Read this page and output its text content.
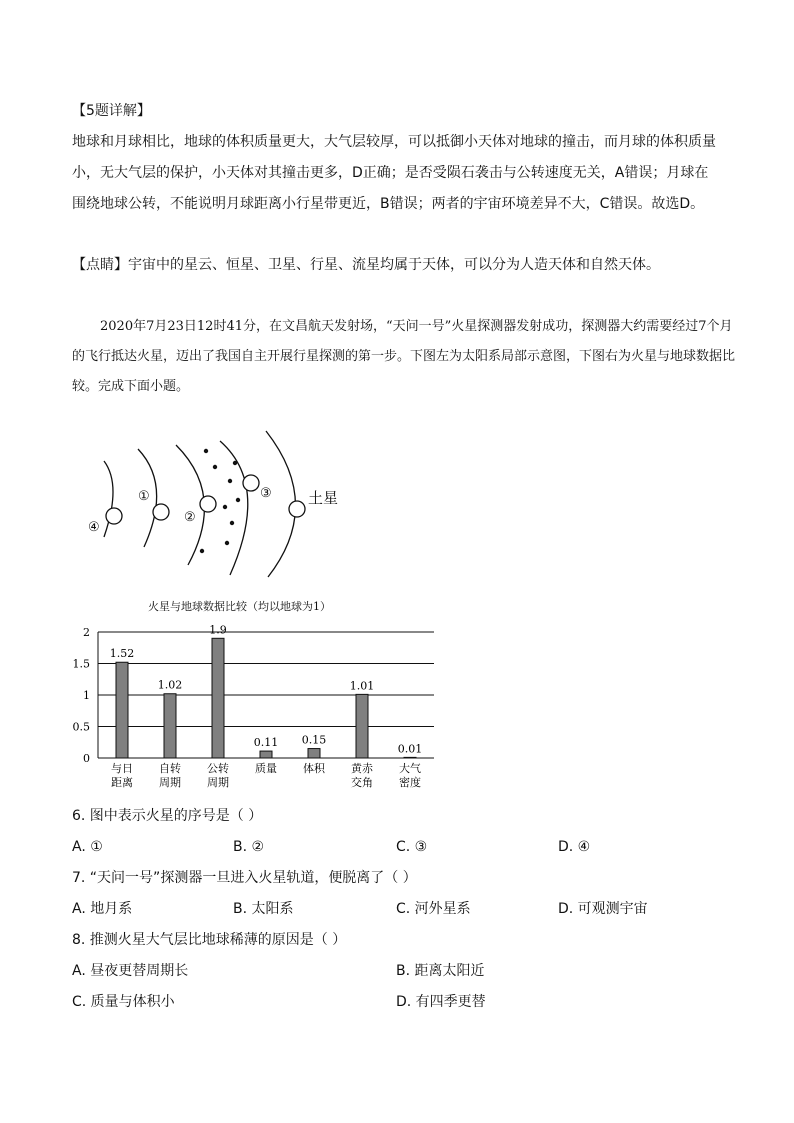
【5题详解】
地球和月球相比，地球的体积质量更大，大气层较厚，可以抵御小天体对地球的撞击，而月球的体积质量
小，无大气层的保护，小天体对其撞击更多，D正确；是否受陨石袭击与公转速度无关，A错误；月球在
围绕地球公转，不能说明月球距离小行星带更近，B错误；两者的宇宙环境差异不大，C错误。故选D。
【点睛】宇宙中的星云、恒星、卫星、行星、流星均属于天体，可以分为人造天体和自然天体。

2020年7月23日12时41分，在文昌航天发射场，“天问一号”火星探测器发射成功，探测器大约需要经过7个月的飞行抵达火星，迈出了我国自主开展行星探测的第一步。下图左为太阳系局部示意图，下图右为火星与地球数据比较。完成下面小题。

④
①
②
③ 土星
火星与地球数据比较（均以地球为1）
0
0.5
1
1.5
2
1.52
与日
距离
1.02
自转
周期
1.9
公转
周期
0.11
质量
0.15
体积
1.01
黄赤
交角
0.01
大气
密度
6. 图中表示火星的序号是（ ）
A. ①	B. ②	C. ③	D. ④
7. “天问一号”探测器一旦进入火星轨道，便脱离了（ ）
A. 地月系	B. 太阳系	C. 河外星系	D. 可观测宇宙
8. 推测火星大气层比地球稀薄的原因是（ ）
A. 昼夜更替周期长	B. 距离太阳近
C. 质量与体积小	D. 有四季更替
